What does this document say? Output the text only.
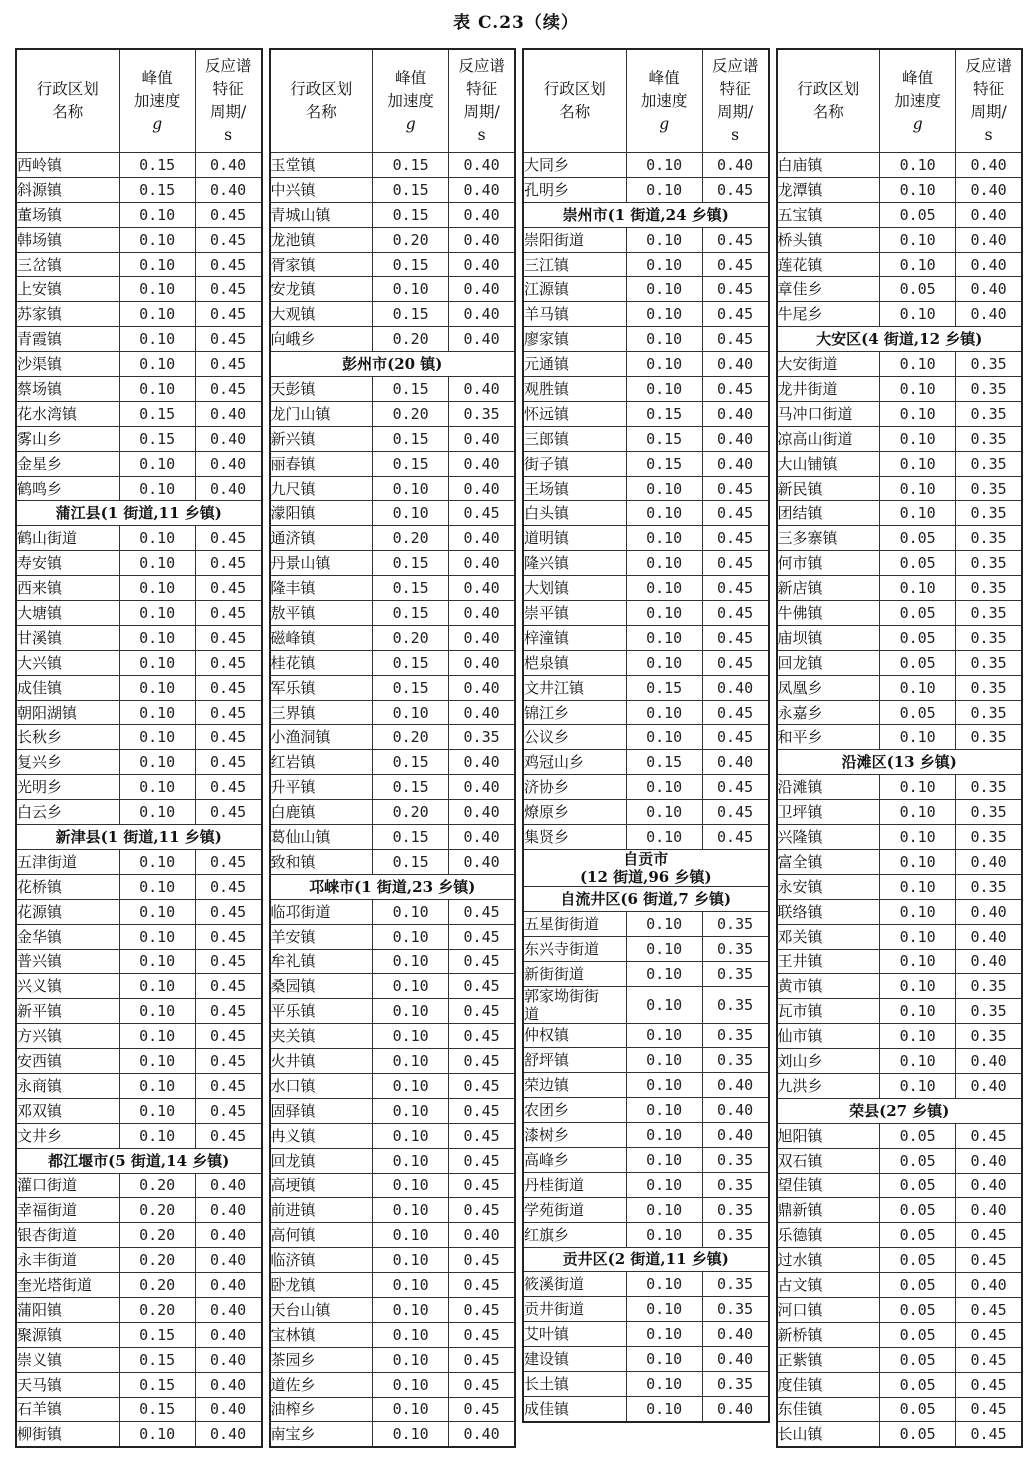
表 C.23（续）
行政区划
名称	峰值
加速度
g	反应谱
特征
周期/
s

西岭镇	0.15	0.40
斜源镇	0.15	0.40
董场镇	0.10	0.45
韩场镇	0.10	0.45
三岔镇	0.10	0.45
上安镇	0.10	0.45
苏家镇	0.10	0.45
青霞镇	0.10	0.45
沙渠镇	0.10	0.45
蔡场镇	0.10	0.45
花水湾镇	0.15	0.40
雾山乡	0.15	0.40
金星乡	0.10	0.40
鹤鸣乡	0.10	0.40
蒲江县(1 街道,11 乡镇)		
鹤山街道	0.10	0.45
寿安镇	0.10	0.45
西来镇	0.10	0.45
大塘镇	0.10	0.45
甘溪镇	0.10	0.45
大兴镇	0.10	0.45
成佳镇	0.10	0.45
朝阳湖镇	0.10	0.45
长秋乡	0.10	0.45
复兴乡	0.10	0.45
光明乡	0.10	0.45
白云乡	0.10	0.45
新津县(1 街道,11 乡镇)		
五津街道	0.10	0.45
花桥镇	0.10	0.45
花源镇	0.10	0.45
金华镇	0.10	0.45
普兴镇	0.10	0.45
兴义镇	0.10	0.45
新平镇	0.10	0.45
方兴镇	0.10	0.45
安西镇	0.10	0.45
永商镇	0.10	0.45
邓双镇	0.10	0.45
文井乡	0.10	0.45
都江堰市(5 街道,14 乡镇)		
灌口街道	0.20	0.40
幸福街道	0.20	0.40
银杏街道	0.20	0.40
永丰街道	0.20	0.40
奎光塔街道	0.20	0.40
蒲阳镇	0.20	0.40
聚源镇	0.15	0.40
崇义镇	0.15	0.40
天马镇	0.15	0.40
石羊镇	0.15	0.40
柳街镇	0.10	0.40
行政区划
名称	峰值
加速度
g	反应谱
特征
周期/
s

玉堂镇	0.15	0.40
中兴镇	0.15	0.40
青城山镇	0.15	0.40
龙池镇	0.20	0.40
胥家镇	0.15	0.40
安龙镇	0.10	0.40
大观镇	0.15	0.40
向峨乡	0.20	0.40
彭州市(20 镇)		
天彭镇	0.15	0.40
龙门山镇	0.20	0.35
新兴镇	0.15	0.40
丽春镇	0.15	0.40
九尺镇	0.10	0.40
濛阳镇	0.10	0.45
通济镇	0.20	0.40
丹景山镇	0.15	0.40
隆丰镇	0.15	0.40
敖平镇	0.15	0.40
磁峰镇	0.20	0.40
桂花镇	0.15	0.40
军乐镇	0.15	0.40
三界镇	0.10	0.40
小渔洞镇	0.20	0.35
红岩镇	0.15	0.40
升平镇	0.15	0.40
白鹿镇	0.20	0.40
葛仙山镇	0.15	0.40
致和镇	0.15	0.40
邛崃市(1 街道,23 乡镇)		
临邛街道	0.10	0.45
羊安镇	0.10	0.45
牟礼镇	0.10	0.45
桑园镇	0.10	0.45
平乐镇	0.10	0.45
夹关镇	0.10	0.45
火井镇	0.10	0.45
水口镇	0.10	0.45
固驿镇	0.10	0.45
冉义镇	0.10	0.45
回龙镇	0.10	0.45
高埂镇	0.10	0.45
前进镇	0.10	0.45
高何镇	0.10	0.40
临济镇	0.10	0.45
卧龙镇	0.10	0.45
天台山镇	0.10	0.45
宝林镇	0.10	0.45
茶园乡	0.10	0.45
道佐乡	0.10	0.45
油榨乡	0.10	0.45
南宝乡	0.10	0.40
行政区划
名称	峰值
加速度
g	反应谱
特征
周期/
s

大同乡	0.10	0.40
孔明乡	0.10	0.45
崇州市(1 街道,24 乡镇)		
崇阳街道	0.10	0.45
三江镇	0.10	0.45
江源镇	0.10	0.45
羊马镇	0.10	0.45
廖家镇	0.10	0.45
元通镇	0.10	0.40
观胜镇	0.10	0.45
怀远镇	0.15	0.40
三郎镇	0.15	0.40
街子镇	0.15	0.40
王场镇	0.10	0.45
白头镇	0.10	0.45
道明镇	0.10	0.45
隆兴镇	0.10	0.45
大划镇	0.10	0.45
崇平镇	0.10	0.45
梓潼镇	0.10	0.45
桤泉镇	0.10	0.45
文井江镇	0.15	0.40
锦江乡	0.10	0.45
公议乡	0.10	0.45
鸡冠山乡	0.15	0.40
济协乡	0.10	0.45
燎原乡	0.10	0.45
集贤乡	0.10	0.45

自贡市
(12 街道,96 乡镇)		

自流井区(6 街道,7 乡镇)		
五星街街道	0.10	0.35
东兴寺街道	0.10	0.35
新街街道	0.10	0.35

郭家坳街街
道	0.10	0.35
仲权镇	0.10	0.35
舒坪镇	0.10	0.35
荣边镇	0.10	0.40
农团乡	0.10	0.40
漆树乡	0.10	0.40
高峰乡	0.10	0.35
丹桂街道	0.10	0.35
学苑街道	0.10	0.35
红旗乡	0.10	0.35
贡井区(2 街道,11 乡镇)		
筱溪街道	0.10	0.35
贡井街道	0.10	0.35
艾叶镇	0.10	0.40
建设镇	0.10	0.40
长土镇	0.10	0.35
成佳镇	0.10	0.40
行政区划
名称	峰值
加速度
g	反应谱
特征
周期/
s

白庙镇	0.10	0.40
龙潭镇	0.10	0.40
五宝镇	0.05	0.40
桥头镇	0.10	0.40
莲花镇	0.10	0.40
章佳乡	0.05	0.40
牛尾乡	0.10	0.40
大安区(4 街道,12 乡镇)		
大安街道	0.10	0.35
龙井街道	0.10	0.35
马冲口街道	0.10	0.35
凉高山街道	0.10	0.35
大山铺镇	0.10	0.35
新民镇	0.10	0.35
团结镇	0.10	0.35
三多寨镇	0.05	0.35
何市镇	0.05	0.35
新店镇	0.10	0.35
牛佛镇	0.05	0.35
庙坝镇	0.05	0.35
回龙镇	0.05	0.35
凤凰乡	0.10	0.35
永嘉乡	0.05	0.35
和平乡	0.10	0.35
沿滩区(13 乡镇)		
沿滩镇	0.10	0.35
卫坪镇	0.10	0.35
兴隆镇	0.10	0.35
富全镇	0.10	0.40
永安镇	0.10	0.35
联络镇	0.10	0.40
邓关镇	0.10	0.40
王井镇	0.10	0.40
黄市镇	0.10	0.35
瓦市镇	0.10	0.35
仙市镇	0.10	0.35
刘山乡	0.10	0.40
九洪乡	0.10	0.40
荣县(27 乡镇)		
旭阳镇	0.05	0.45
双石镇	0.05	0.40
望佳镇	0.05	0.40
鼎新镇	0.05	0.40
乐德镇	0.05	0.45
过水镇	0.05	0.45
古文镇	0.05	0.40
河口镇	0.05	0.45
新桥镇	0.05	0.45
正紫镇	0.05	0.45
度佳镇	0.05	0.45
东佳镇	0.05	0.45
长山镇	0.05	0.45
